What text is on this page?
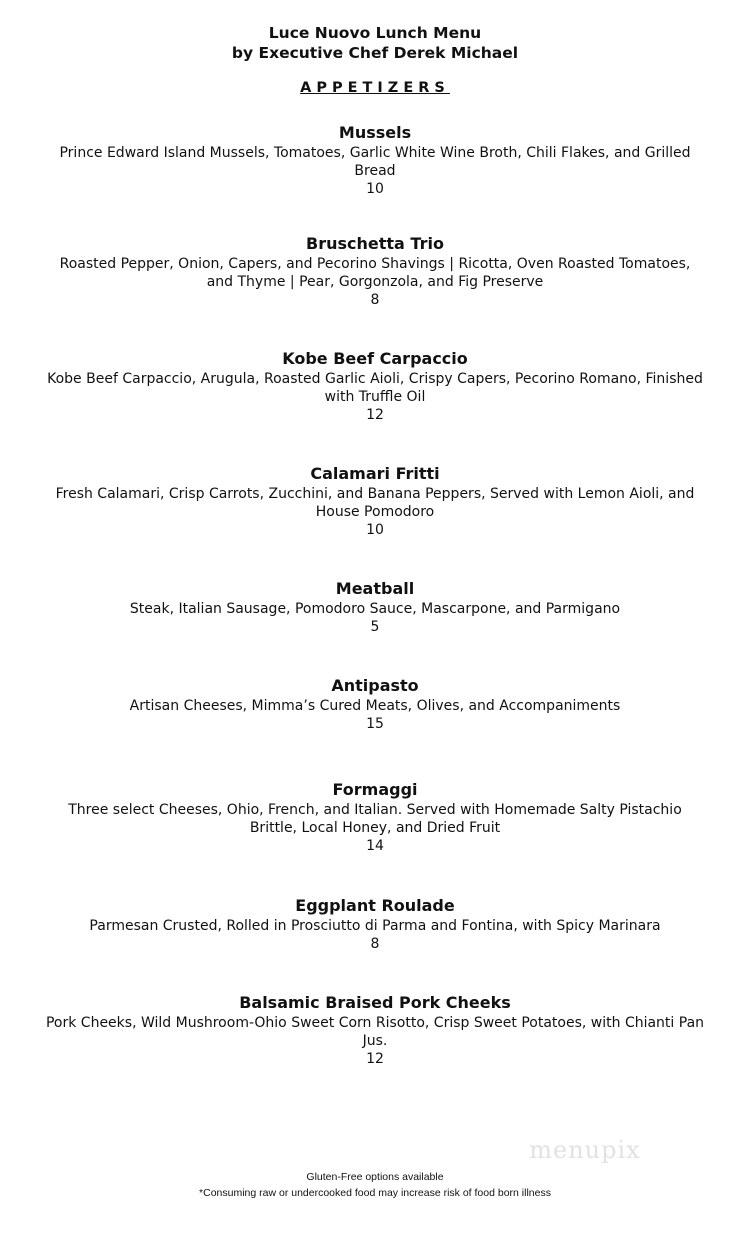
Luce Nuovo Lunch Menu
by Executive Chef Derek Michael
APPETIZERS
Mussels
Prince Edward Island Mussels, Tomatoes, Garlic White Wine Broth, Chili Flakes, and Grilled Bread
10
Bruschetta Trio
Roasted Pepper, Onion, Capers, and Pecorino Shavings | Ricotta, Oven Roasted Tomatoes, and Thyme | Pear, Gorgonzola, and Fig Preserve
8
Kobe Beef Carpaccio
Kobe Beef Carpaccio, Arugula, Roasted Garlic Aioli, Crispy Capers, Pecorino Romano, Finished with Truffle Oil
12
Calamari Fritti
Fresh Calamari, Crisp Carrots, Zucchini, and Banana Peppers, Served with Lemon Aioli, and House Pomodoro
10
Meatball
Steak, Italian Sausage, Pomodoro Sauce, Mascarpone, and Parmigano
5
Antipasto
Artisan Cheeses, Mimma’s Cured Meats, Olives, and Accompaniments
15
Formaggi
Three select Cheeses, Ohio, French, and Italian. Served with Homemade Salty Pistachio Brittle, Local Honey, and Dried Fruit
14
Eggplant Roulade
Parmesan Crusted, Rolled in Prosciutto di Parma and Fontina, with Spicy Marinara
8
Balsamic Braised Pork Cheeks
Pork Cheeks, Wild Mushroom-Ohio Sweet Corn Risotto, Crisp Sweet Potatoes, with Chianti Pan Jus.
12
menupix
Gluten-Free options available
*Consuming raw or undercooked food may increase risk of food born illness
